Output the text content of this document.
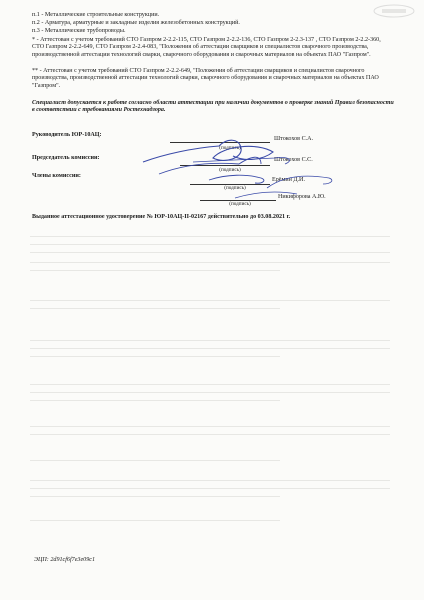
п.1 - Металлические строительные конструкции.
п.2 - Арматура, арматурные и закладные изделия железобетонных конструкций.
п.3 - Металлические трубопроводы.
* - Аттестован с учетом требований СТО Газпром 2-2.2-115, СТО Газпром 2-2.2-136, СТО Газпром 2-2.3-137 , СТО Газпром 2-2.2-360, СТО Газпром 2-2.2-649, СТО Газпром 2-2.4-083, "Положения об аттестации сварщиков и специалистов сварочного производства, производственной аттестации технологий сварки, сварочного оборудования и сварочных материалов на объектах ПАО "Газпром".
** - Аттестован с учетом требований СТО Газпром 2-2.2-649, "Положения об аттестации сварщиков и специалистов сварочного производства, производственной аттестации технологий сварки, сварочного оборудования и сварочных материалов на объектах ПАО "Газпром".
Специалист допускается к работе согласно области аттестации при наличии документов о проверке знаний Правил безопасности в соответствии с требованиями Ростехнадзора.
Руководитель ЮР-10АЦ:
(подпись)
Штокохов С.А.
Председатель комиссии:
(подпись)
Штокохов С.С.
Члены комиссии:
(подпись)
Ерёмин Д.И.
(подпись)
Никифорова А.Ю.
Выданное аттестационное удостоверение № ЮР-10АЦ-II-02167 действительно до 03.08.2021 г.
ЭЦП: 2d91cf6f7e3e09c1
